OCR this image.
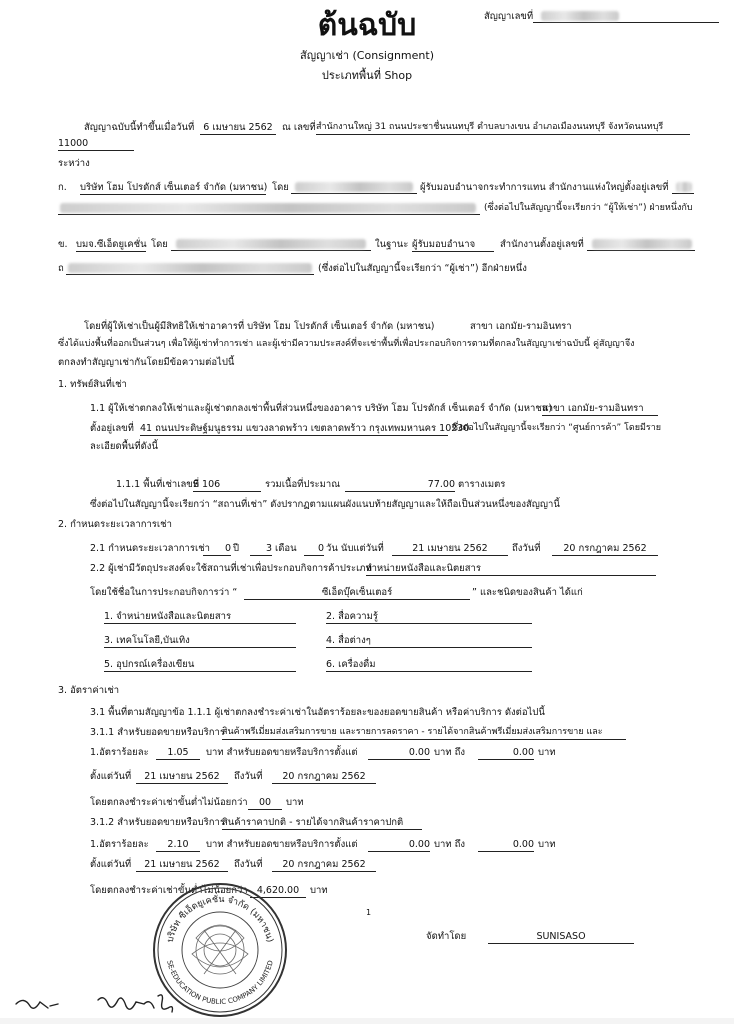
ต้นฉบับ
สัญญาเช่า (Consignment)
ประเภทพื้นที่ Shop
สัญญาเลขที่
สัญญาฉบับนี้ทำขึ้นเมื่อวันที่ 6 เมษายน 2562 ณ เลขที่ สำนักงานใหญ่ 31 ถนนประชาชื่นนนทบุรี ตำบลบางเขน อำเภอเมืองนนทบุรี จังหวัดนนทบุรี
11000
ระหว่าง
ก. บริษัท โฮม โปรดักส์ เซ็นเตอร์ จำกัด (มหาชน) โดย	ผู้รับมอบอำนาจกระทำการแทน สำนักงานแห่งใหญ่ตั้งอยู่เลขที่
(ซึ่งต่อไปในสัญญานี้จะเรียกว่า “ผู้ให้เช่า”) ฝ่ายหนึ่งกับ
ข. บมจ.ซีเอ็ดยูเคชั่น โดย	ในฐานะ ผู้รับมอบอำนาจ	สำนักงานตั้งอยู่เลขที่
ถ	(ซึ่งต่อไปในสัญญานี้จะเรียกว่า “ผู้เช่า”) อีกฝ่ายหนึ่ง
โดยที่ผู้ให้เช่าเป็นผู้มีสิทธิให้เช่าอาคารที่ บริษัท โฮม โปรดักส์ เซ็นเตอร์ จำกัด (มหาชน)	สาขา เอกมัย-รามอินทรา
ซึ่งได้แบ่งพื้นที่ออกเป็นส่วนๆ เพื่อให้ผู้เช่าทำการเช่า และผู้เช่ามีความประสงค์ที่จะเช่าพื้นที่เพื่อประกอบกิจการตามที่ตกลงในสัญญาเช่าฉบับนี้ คู่สัญญาจึง
ตกลงทำสัญญาเช่ากันโดยมีข้อความต่อไปนี้
1. ทรัพย์สินที่เช่า
1.1 ผู้ให้เช่าตกลงให้เช่าและผู้เช่าตกลงเช่าพื้นที่ส่วนหนึ่งของอาคาร บริษัท โฮม โปรดักส์ เซ็นเตอร์ จำกัด (มหาชน)
สาขา เอกมัย-รามอินทรา
ตั้งอยู่เลขที่ 41 ถนนประดิษฐ์มนูธรรม แขวงลาดพร้าว เขตลาดพร้าว กรุงเทพมหานคร 10230
ซึ่งต่อไปในสัญญานี้จะเรียกว่า “ศูนย์การค้า” โดยมีราย
ละเอียดพื้นที่ดังนี้
1.1.1 พื้นที่เช่าเลขที่
S 106	รวมเนื้อที่ประมาณ	77.00 ตารางเมตร
ซึ่งต่อไปในสัญญานี้จะเรียกว่า “สถานที่เช่า” ดังปรากฏตามแผนผังแนบท้ายสัญญาและให้ถือเป็นส่วนหนึ่งของสัญญานี้
2. กำหนดระยะเวลาการเช่า
2.1 กำหนดระยะเวลาการเช่า	0 ปี	3 เดือน	0 วัน นับแต่วันที่	21 เมษายน 2562	ถึงวันที่	20 กรกฎาคม 2562
2.2 ผู้เช่ามีวัตถุประสงค์จะใช้สถานที่เช่าเพื่อประกอบกิจการค้าประเภท
จำหน่ายหนังสือและนิตยสาร
โดยใช้ชื่อในการประกอบกิจการว่า “	ซีเอ็ดบุ๊คเซ็นเตอร์	” และชนิดของสินค้า ได้แก่
1. จำหน่ายหนังสือและนิตยสาร	2. สื่อความรู้
3. เทคโนโลยี,บันเทิง	4. สื่อต่างๆ
5. อุปกรณ์เครื่องเขียน	6. เครื่องดื่ม
3. อัตราค่าเช่า
3.1 พื้นที่ตามสัญญาข้อ 1.1.1 ผู้เช่าตกลงชำระค่าเช่าในอัตราร้อยละของยอดขายสินค้า หรือค่าบริการ ดังต่อไปนี้
3.1.1 สำหรับยอดขายหรือบริการ
สินค้าพรีเมี่ยมส่งเสริมการขาย และรายการลดราคา - รายได้จากสินค้าพรีเมี่ยมส่งเสริมการขาย และ
1.อัตราร้อยละ	1.05	บาท สำหรับยอดขายหรือบริการตั้งแต่	0.00 บาท ถึง	0.00 บาท
ตั้งแต่วันที่	21 เมษายน 2562	ถึงวันที่	20 กรกฎาคม 2562
โดยตกลงชำระค่าเช่าขั้นต่ำไม่น้อยกว่า	00	บาท
3.1.2 สำหรับยอดขายหรือบริการ
สินค้าราคาปกติ - รายได้จากสินค้าราคาปกติ
1.อัตราร้อยละ	2.10	บาท สำหรับยอดขายหรือบริการตั้งแต่	0.00 บาท ถึง	0.00 บาท
ตั้งแต่วันที่	21 เมษายน 2562	ถึงวันที่	20 กรกฎาคม 2562
โดยตกลงชำระค่าเช่าขั้นต่ำไม่น้อยกว่า 4,620.00	บาท
1
จัดทำโดย	SUNISASO
บริษัท ซีเอ็ดยูเคชั่น จำกัด (มหาชน)
SE-EDUCATION PUBLIC COMPANY LIMITED
